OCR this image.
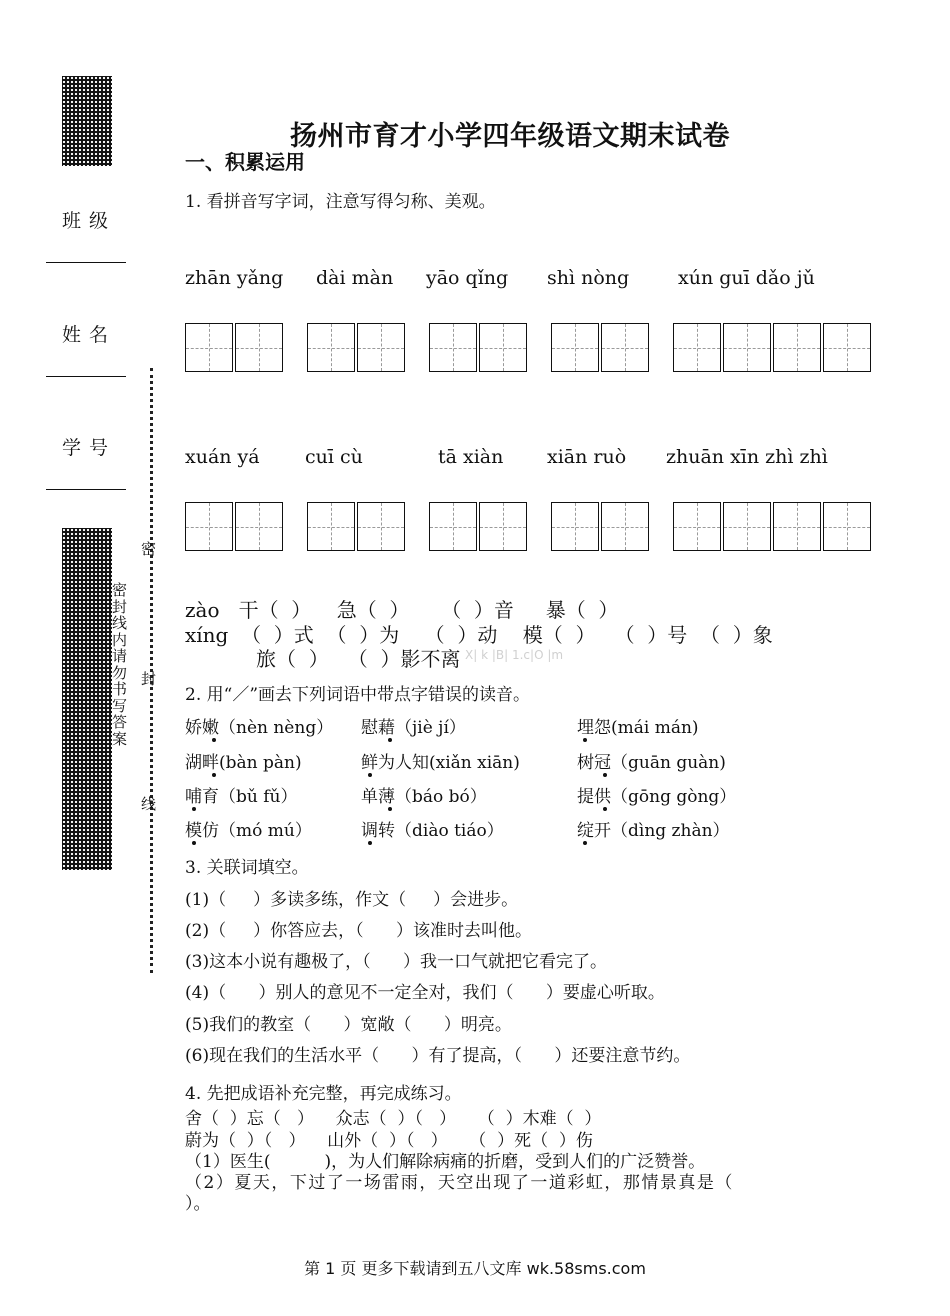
班级
姓名
学号
密封线内请勿书写答案
密
封
线
扬州市育才小学四年级语文期末试卷
一、积累运用
1. 看拼音写字词，注意写得匀称、美观。
zhān yǎng dài màn yāo qǐng shì nòng	xún guī dǎo jǔ
xuán yá cuī cù	tā xiàn xiān ruò zhuān xīn zhì zhì
zào   干（  ）    急（  ）     （  ）音     暴（  ）
xíng  （  ）式  （  ）为    （  ）动    模（  ）   （  ）号  （  ）象
旅（  ）   （  ）影不离 X| k |B| 1.c|O |m
2. 用“／”画去下列词语中带点字错误的读音。
娇嫩（nèn nèng） 慰藉（jiè jí）	埋怨(mái mán)
湖畔(bàn pàn)	鲜为人知(xiǎn xiān)	树冠（guān guàn)
哺育（bǔ fǔ）	单薄（báo bó）	提供（gōng gòng）
模仿（mó mú）	调转（diào tiáo）	绽开（dìng zhàn）
3. 关联词填空。
(1)（     ）多读多练，作文（     ）会进步。
(2)（     ）你答应去，（      ）该准时去叫他。
(3)这本小说有趣极了，（      ）我一口气就把它看完了。
(4)（      ）别人的意见不一定全对，我们（      ）要虚心听取。
(5)我们的教室（      ）宽敞（      ）明亮。
(6)现在我们的生活水平（      ）有了提高，（      ）还要注意节约。
4. 先把成语补充完整，再完成练习。
舍（  ）忘（   ）    众志（  ）（   ）    （  ）木难（  ）
蔚为（  ）（   ）    山外（  ）（   ）    （  ）死（  ）伤
（1）医生(          )，为人们解除病痛的折磨，受到人们的广泛赞誉。
（2）夏天，下过了一场雷雨，天空出现了一道彩虹，那情景真是（
）。
第 1 页 更多下载请到五八文库 wk.58sms.com
